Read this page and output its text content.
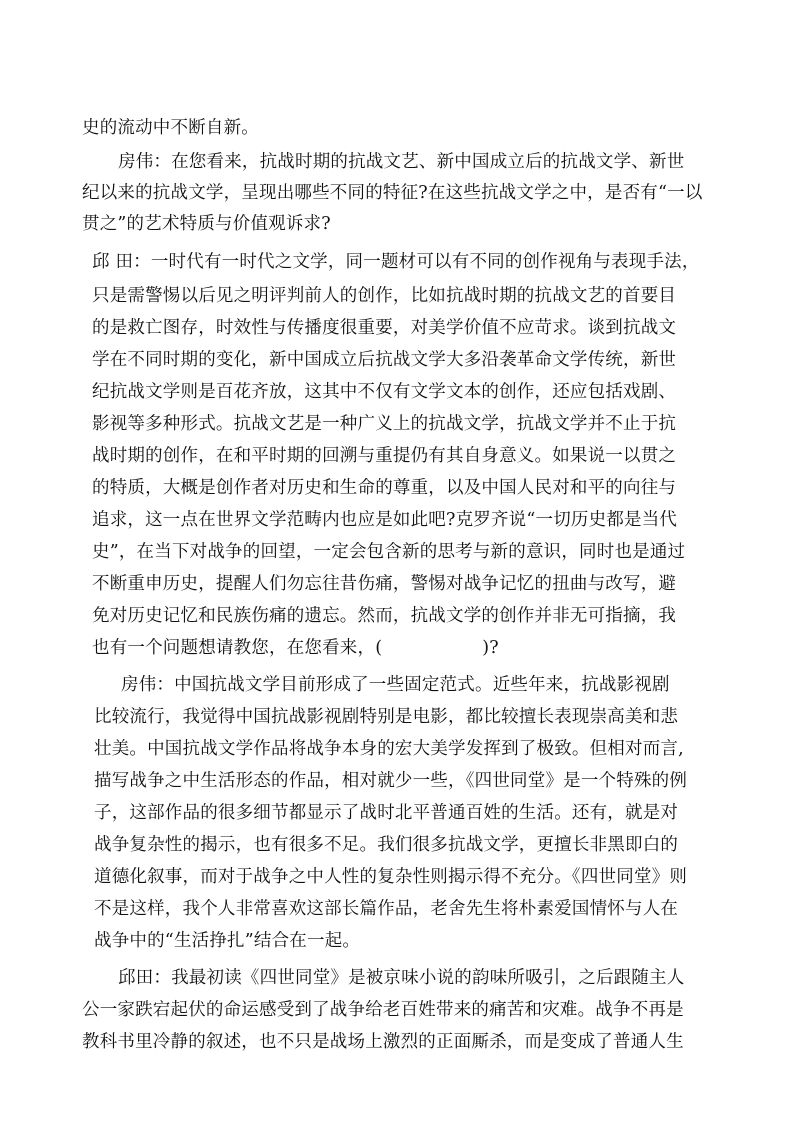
史的流动中不断自新。
房伟：在您看来，抗战时期的抗战文艺、新中国成立后的抗战文学、新世
纪以来的抗战文学，呈现出哪些不同的特征?在这些抗战文学之中，是否有“一以
贯之”的艺术特质与价值观诉求?
邱 田：一时代有一时代之文学，同一题材可以有不同的创作视角与表现手法，
只是需警惕以后见之明评判前人的创作，比如抗战时期的抗战文艺的首要目
的是救亡图存，时效性与传播度很重要，对美学价值不应苛求。谈到抗战文
学在不同时期的变化，新中国成立后抗战文学大多沿袭革命文学传统，新世
纪抗战文学则是百花齐放，这其中不仅有文学文本的创作，还应包括戏剧、
影视等多种形式。抗战文艺是一种广义上的抗战文学，抗战文学并不止于抗
战时期的创作，在和平时期的回溯与重提仍有其自身意义。如果说一以贯之
的特质，大概是创作者对历史和生命的尊重，以及中国人民对和平的向往与
追求，这一点在世界文学范畴内也应是如此吧?克罗齐说“一切历史都是当代
史”，在当下对战争的回望，一定会包含新的思考与新的意识，同时也是通过
不断重申历史，提醒人们勿忘往昔伤痛，警惕对战争记忆的扭曲与改写，避
免对历史记忆和民族伤痛的遗忘。然而，抗战文学的创作并非无可指摘，我
也有一个问题想请教您，在您看来，(	)?
房伟：中国抗战文学目前形成了一些固定范式。近些年来，抗战影视剧
比较流行，我觉得中国抗战影视剧特别是电影，都比较擅长表现崇高美和悲
壮美。中国抗战文学作品将战争本身的宏大美学发挥到了极致。但相对而言,
描写战争之中生活形态的作品，相对就少一些，《四世同堂》是一个特殊的例
子，这部作品的很多细节都显示了战时北平普通百姓的生活。还有，就是对
战争复杂性的揭示，也有很多不足。我们很多抗战文学，更擅长非黑即白的
道德化叙事，而对于战争之中人性的复杂性则揭示得不充分。《四世同堂》则
不是这样，我个人非常喜欢这部长篇作品，老舍先生将朴素爱国情怀与人在
战争中的“生活挣扎”结合在一起。
邱田：我最初读《四世同堂》是被京味小说的韵味所吸引，之后跟随主人
公一家跌宕起伏的命运感受到了战争给老百姓带来的痛苦和灾难。战争不再是
教科书里冷静的叙述，也不只是战场上激烈的正面厮杀，而是变成了普通人生
